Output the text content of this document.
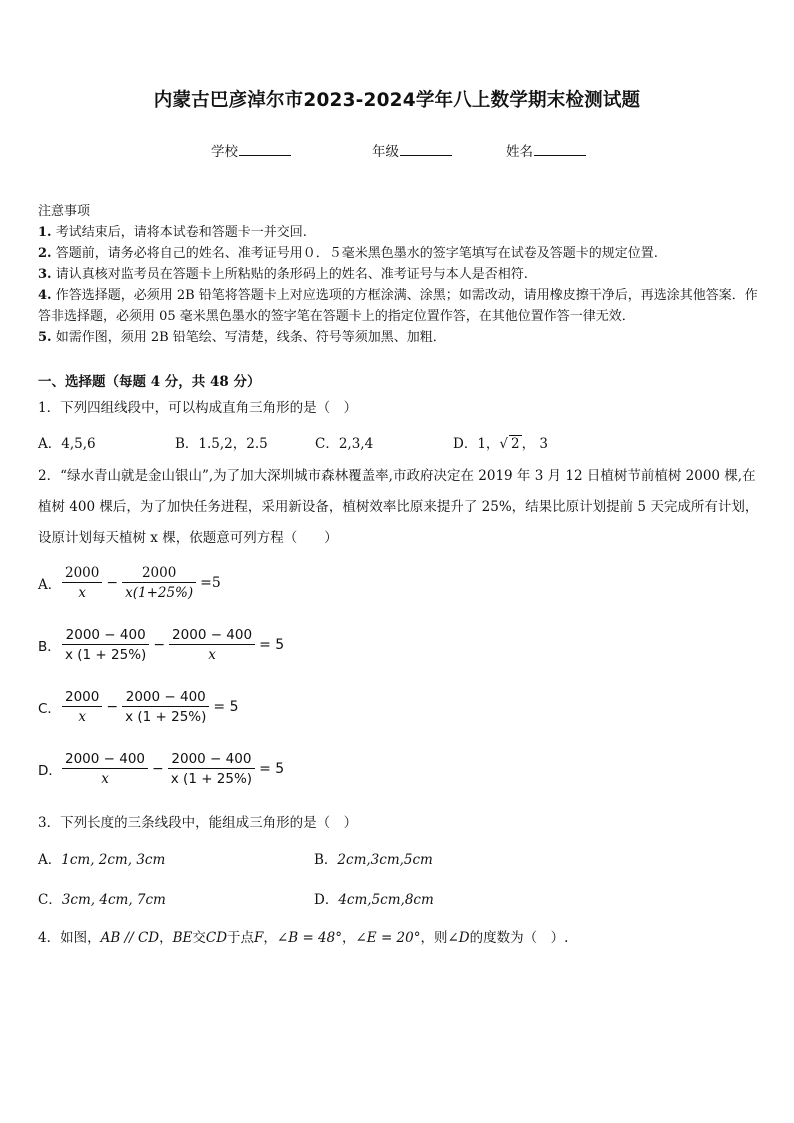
内蒙古巴彦淖尔市2023-2024学年八上数学期末检测试题
学校	年级	姓名
注意事项
1. 考试结束后，请将本试卷和答题卡一并交回.
2. 答题前，请务必将自己的姓名、准考证号用０．５毫米黑色墨水的签字笔填写在试卷及答题卡的规定位置.
3. 请认真核对监考员在答题卡上所粘贴的条形码上的姓名、准考证号与本人是否相符.
4. 作答选择题，必须用 2B 铅笔将答题卡上对应选项的方框涂满、涂黑；如需改动，请用橡皮擦干净后，再选涂其他答案．作答非选择题，必须用 05 毫米黑色墨水的签字笔在答题卡上的指定位置作答，在其他位置作答一律无效．
5. 如需作图，须用 2B 铅笔绘、写清楚，线条、符号等须加黑、加粗．
一、选择题（每题 4 分，共 48 分）
1．下列四组线段中，可以构成直角三角形的是（　）
A．4,5,6	B．1.5,2，2.5	C．2,3,4	D．1，√ 2 ， 3
2．“绿水青山就是金山银山”,为了加大深圳城市森林覆盖率,市政府决定在 2019 年 3 月 12 日植树节前植树 2000 棵,在植树 400 棵后，为了加快任务进程，采用新设备，植树效率比原来提升了 25%，结果比原计划提前 5 天完成所有计划，设原计划每天植树 x 棵，依题意可列方程（　　）
A． $\frac{2000}{x} - \frac{2000}{x(1+25\%)} =5$
B． $\frac{2000 - 400}{x (1 + 25\%)} - \frac{2000 - 400}{x} = 5$
C． $\frac{2000}{x} - \frac{2000 - 400}{x (1 + 25\%)} = 5$
D． $\frac{2000 - 400}{x} - \frac{2000 - 400}{x (1 + 25\%)} = 5$
3．下列长度的三条线段中，能组成三角形的是（　）
A．1cm, 2cm, 3cm	B．2cm,3cm,5cm
C．3cm, 4cm, 7cm	D．4cm,5cm,8cm
4．如图，AB // CD，BE交CD于点F，∠B = 48°，∠E = 20°，则∠D的度数为（　）.
